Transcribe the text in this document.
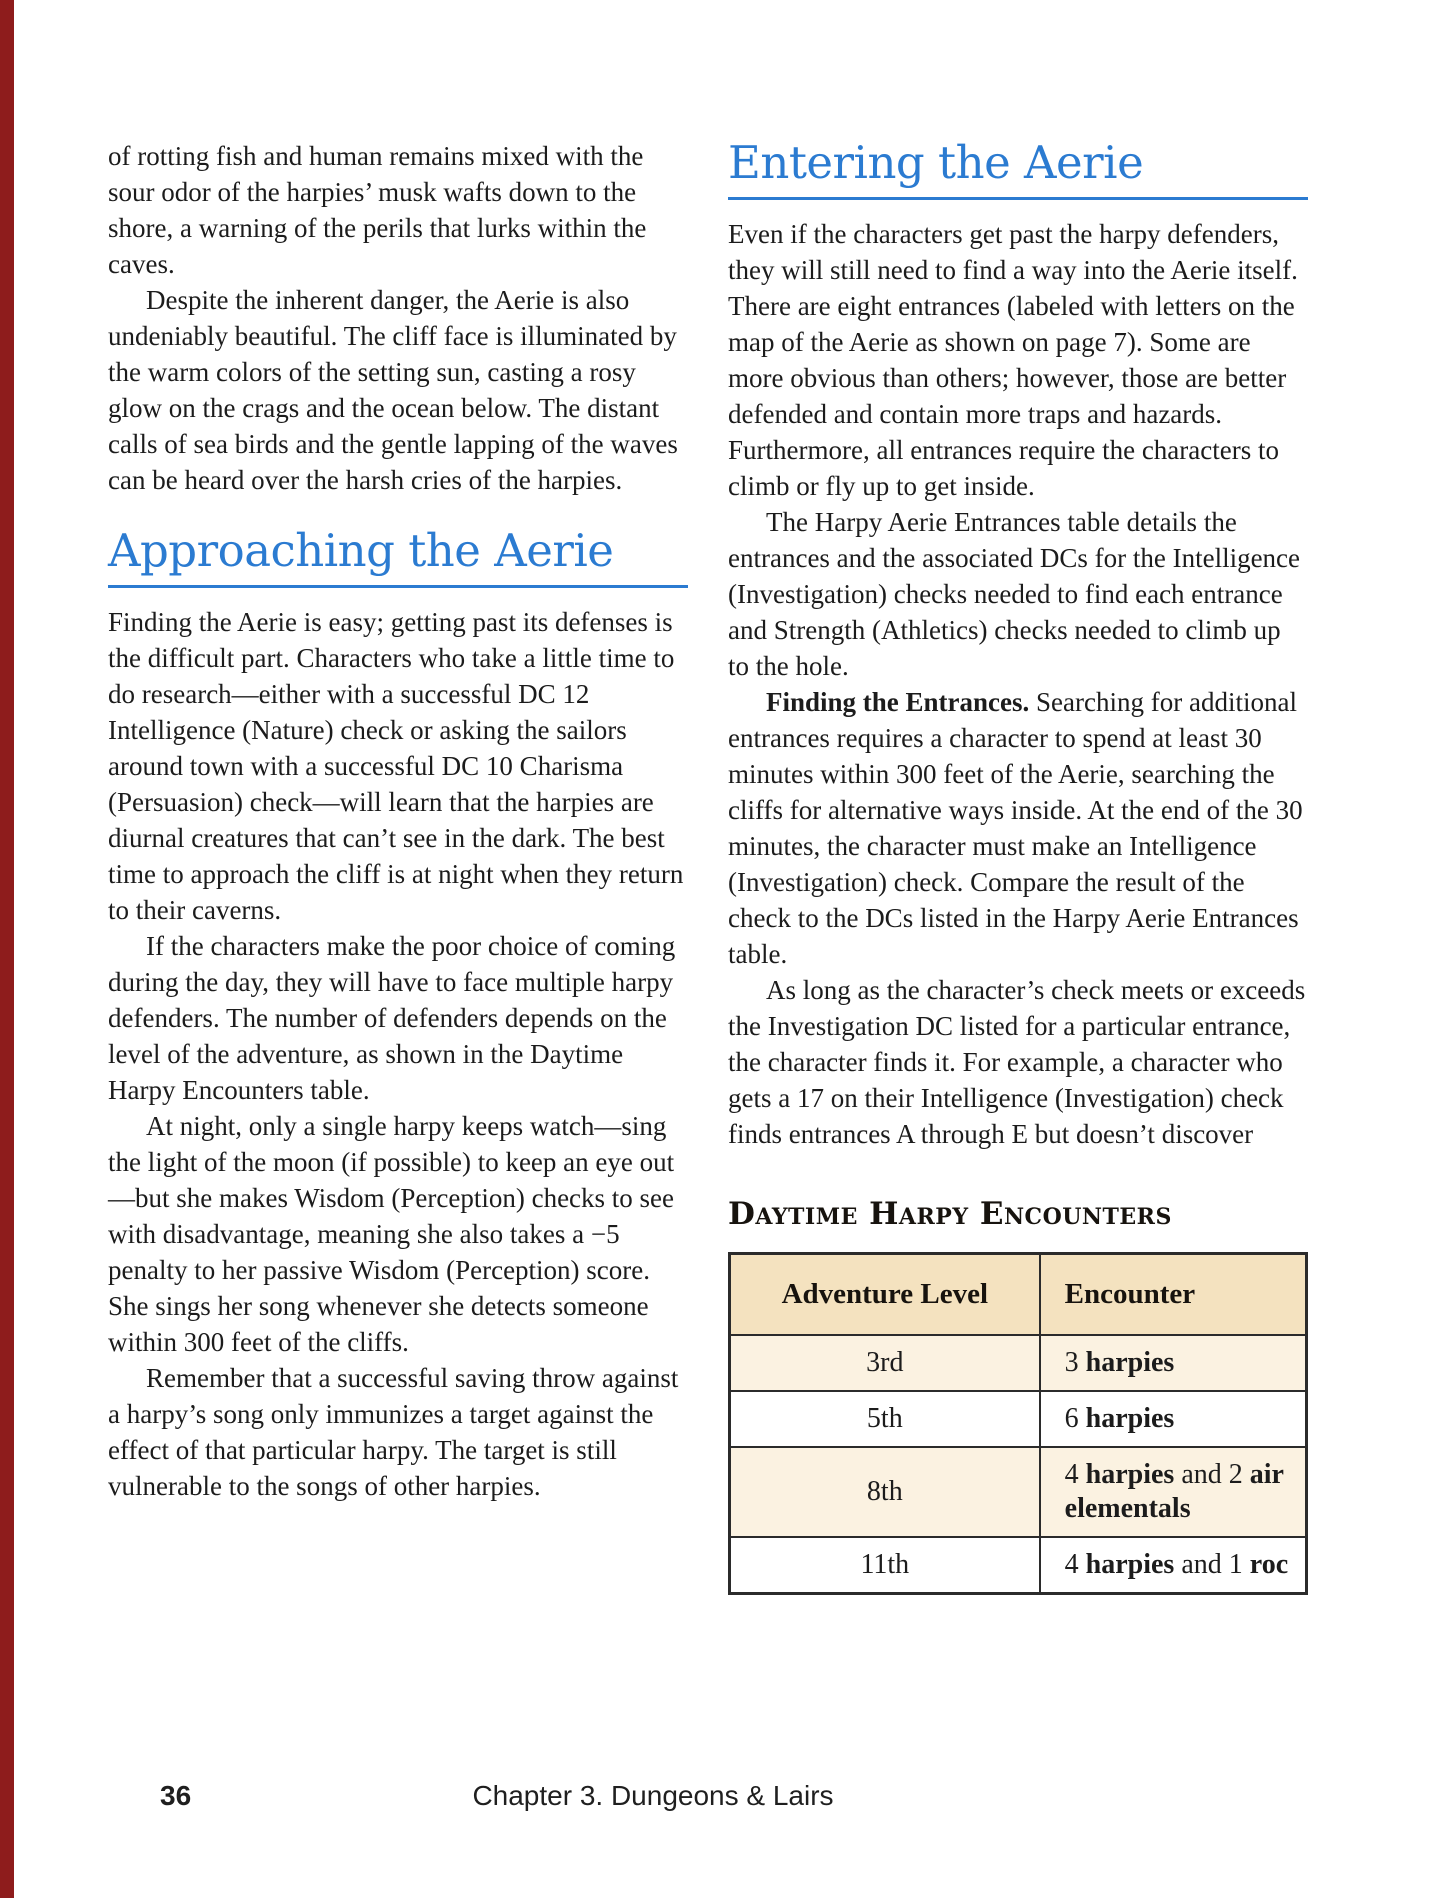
of rotting fish and human remains mixed with the sour odor of the harpies’ musk wafts down to the shore, a warning of the perils that lurks within the caves.

Despite the inherent danger, the Aerie is also undeniably beautiful. The cliff face is illuminated by the warm colors of the setting sun, casting a rosy glow on the crags and the ocean below. The distant calls of sea birds and the gentle lapping of the waves can be heard over the harsh cries of the harpies.

Approaching the Aerie

Finding the Aerie is easy; getting past its defenses is the difficult part. Characters who take a little time to do research—either with a successful DC 12 Intelligence (Nature) check or asking the sailors around town with a successful DC 10 Charisma (Persuasion) check—will learn that the harpies are diurnal creatures that can’t see in the dark. The best time to approach the cliff is at night when they return to their caverns.

If the characters make the poor choice of coming during the day, they will have to face multiple harpy defenders. The number of defenders depends on the level of the adventure, as shown in the Daytime Harpy Encounters table.

At night, only a single harpy keeps watch—sing the light of the moon (if possible) to keep an eye out—but she makes Wisdom (Perception) checks to see with disadvantage, meaning she also takes a −5 penalty to her passive Wisdom (Perception) score. She sings her song whenever she detects someone within 300 feet of the cliffs.

Remember that a successful saving throw against a harpy’s song only immunizes a target against the effect of that particular harpy. The target is still vulnerable to the songs of other harpies.

Entering the Aerie

Even if the characters get past the harpy defenders, they will still need to find a way into the Aerie itself. There are eight entrances (labeled with letters on the map of the Aerie as shown on page 7). Some are more obvious than others; however, those are better defended and contain more traps and hazards. Furthermore, all entrances require the characters to climb or fly up to get inside.

The Harpy Aerie Entrances table details the entrances and the associated DCs for the Intelligence (Investigation) checks needed to find each entrance and Strength (Athletics) checks needed to climb up to the hole.

Finding the Entrances. Searching for additional entrances requires a character to spend at least 30 minutes within 300 feet of the Aerie, searching the cliffs for alternative ways inside. At the end of the 30 minutes, the character must make an Intelligence (Investigation) check. Compare the result of the check to the DCs listed in the Harpy Aerie Entrances table.

As long as the character’s check meets or exceeds the Investigation DC listed for a particular entrance, the character finds it. For example, a character who gets a 17 on their Intelligence (Investigation) check finds entrances A through E but doesn’t discover

Daytime Harpy Encounters
Adventure Level	Encounter
3rd	3 harpies
5th	6 harpies
8th	4 harpies and 2 air elementals
11th	4 harpies and 1 roc
36	Chapter 3. Dungeons & Lairs
